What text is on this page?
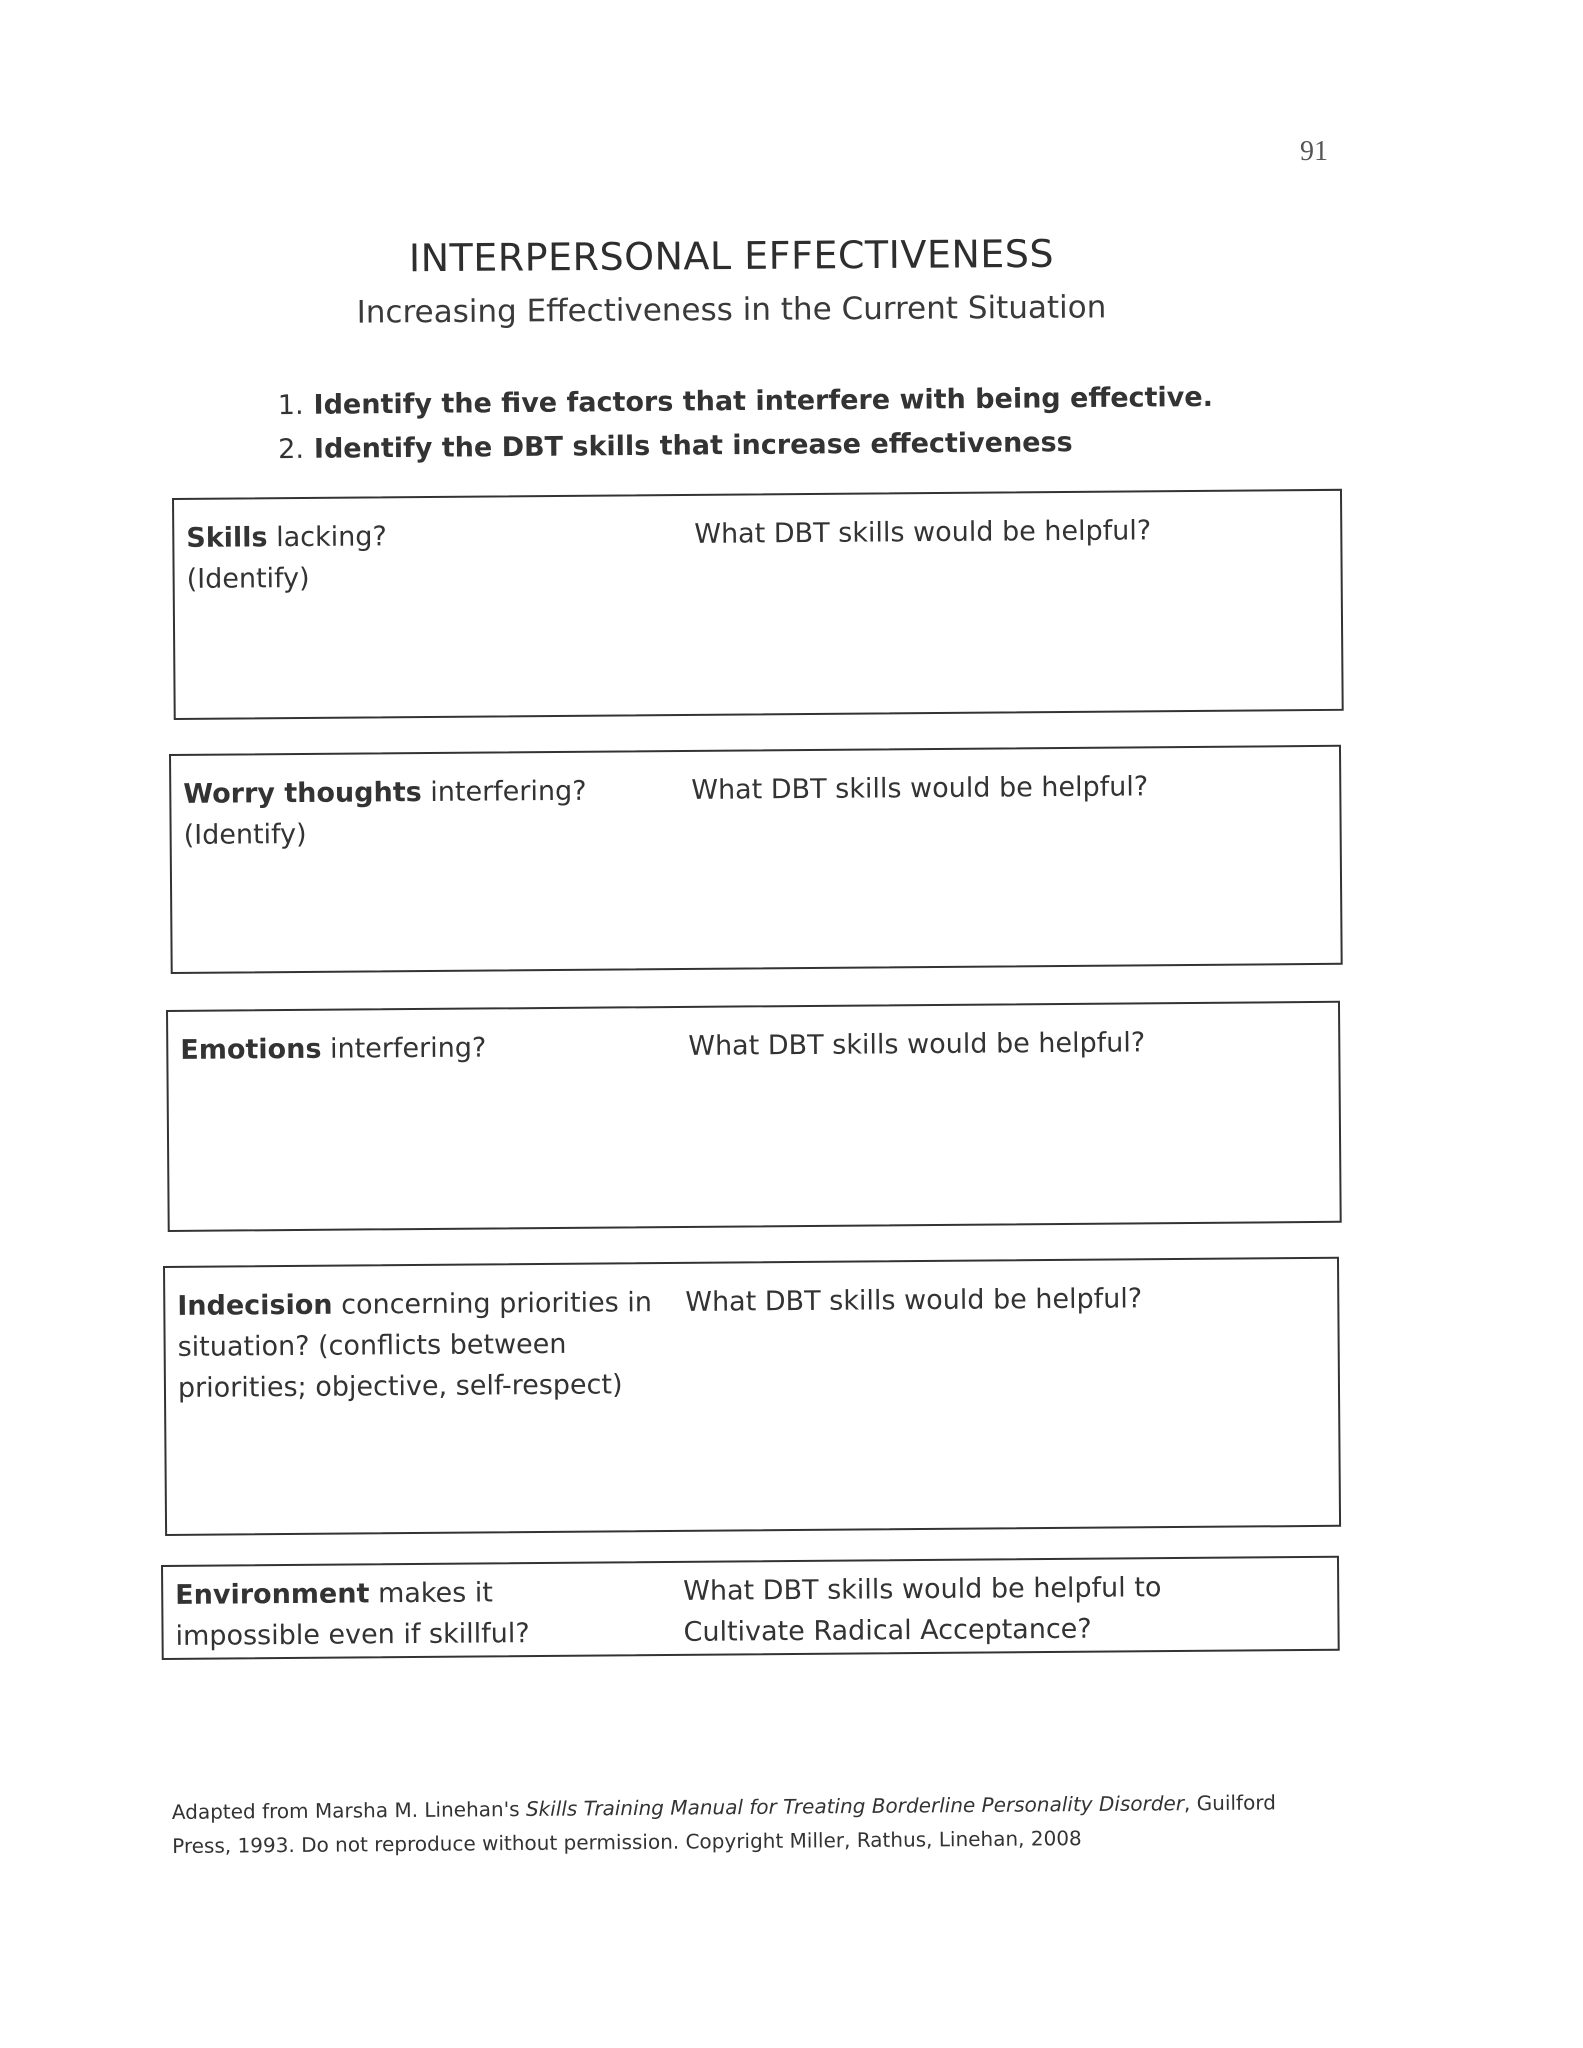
91
INTERPERSONAL EFFECTIVENESS
Increasing Effectiveness in the Current Situation
1. Identify the five factors that interfere with being effective.
2. Identify the DBT skills that increase effectiveness
Skills lacking?
(Identify)
What DBT skills would be helpful?
Worry thoughts interfering?
(Identify)
What DBT skills would be helpful?
Emotions interfering?	What DBT skills would be helpful?
Indecision concerning priorities in situation? (conflicts between priorities; objective, self-respect)
What DBT skills would be helpful?
Environment makes it impossible even if skillful?
What DBT skills would be helpful to Cultivate Radical Acceptance?
Adapted from Marsha M. Linehan's Skills Training Manual for Treating Borderline Personality Disorder, Guilford Press, 1993. Do not reproduce without permission. Copyright Miller, Rathus, Linehan, 2008
